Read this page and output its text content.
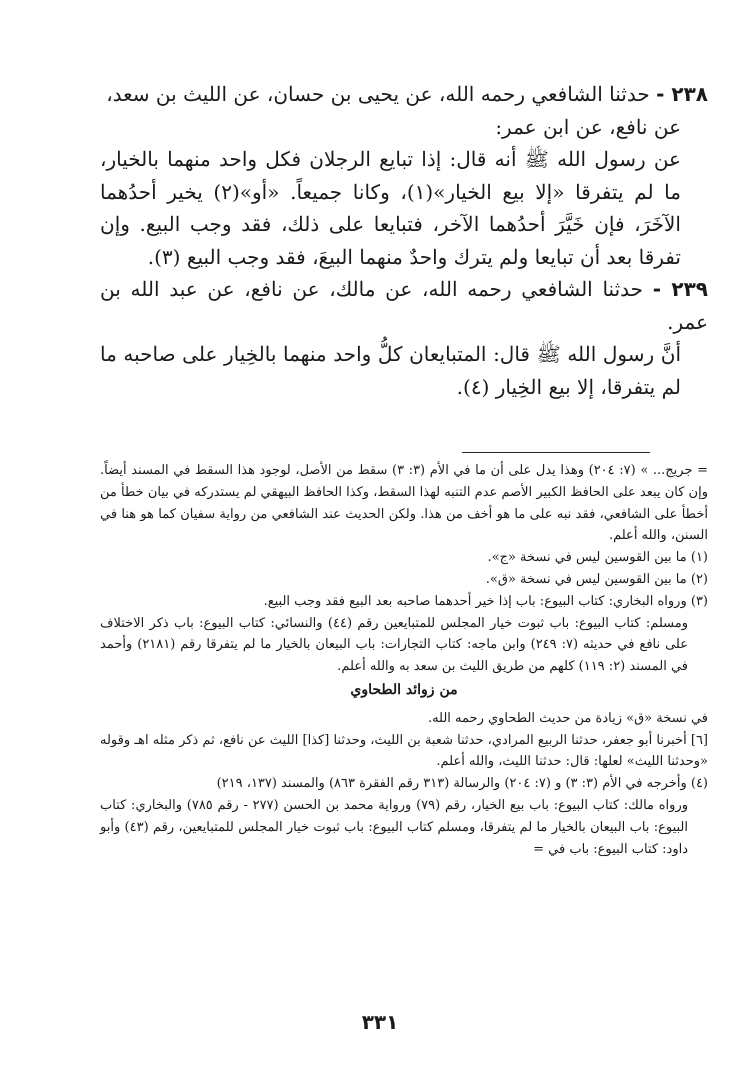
٢٣٨ - حدثنا الشافعي رحمه الله، عن يحيى بن حسان، عن الليث بن سعد،

عن نافع، عن ابن عمر:

عن رسول الله ﷺ أنه قال: إذا تبايع الرجلان فكل واحد منهما بالخيار، ما لم يتفرقا «إلا بيع الخيار»(١)، وكانا جميعاً. «أو»(٢) يخير أحدُهما الآخَرَ، فإن خَيَّرَ أحدُهما الآخر، فتبايعا على ذلك، فقد وجب البيع. وإن تفرقا بعد أن تبايعا ولم يترك واحدٌ منهما البيعَ، فقد وجب البيع (٣).

٢٣٩ - حدثنا الشافعي رحمه الله، عن مالك، عن نافع، عن عبد الله بن عمر.

أنَّ رسول الله ﷺ قال: المتبايعان كلُّ واحد منهما بالخِيار على صاحبه ما لم يتفرقا، إلا بيع الخِيار (٤).

= جريج... » (٧: ٢٠٤) وهذا يدل على أن ما في الأم (٣: ٣) سقط من الأصل، لوجود هذا السقط في المسند أيضاً. وإن كان يبعد على الحافظ الكبير الأصم عدم التنبه لهذا السقط، وكذا الحافظ البيهقي لم يستدركه في بيان خطأ من أخطأ على الشافعي، فقد نبه على ما هو أخف من هذا. ولكن الحديث عند الشافعي من رواية سفيان كما هو هنا في السنن، والله أعلم.

(١) ما بين القوسين ليس في نسخة «ج».

(٢) ما بين القوسين ليس في نسخة «ق».

(٣) ورواه البخاري: كتاب البيوع: باب إذا خير أحدهما صاحبه بعد البيع فقد وجب البيع.

ومسلم: كتاب البيوع: باب ثبوت خيار المجلس للمتبايعين رقم (٤٤) والنسائي: كتاب البيوع: باب ذكر الاختلاف على نافع في حديثه (٧: ٢٤٩) وابن ماجه: كتاب التجارات: باب البيعان بالخيار ما لم يتفرقا رقم (٢١٨١) وأحمد في المسند (٢: ١١٩) كلهم من طريق الليث بن سعد به والله أعلم.

من زوائد الطحاوي

في نسخة «ق» زيادة من حديث الطحاوي رحمه الله.

[٦] أخبرنا أبو جعفر، حدثنا الربيع المرادي، حدثنا شعبة بن الليث، وحدثنا [كذا] الليث عن نافع، ثم ذكر مثله اهـ وقوله «وحدثنا الليث» لعلها: قال: حدثنا الليث، والله أعلم.

(٤) وأخرجه في الأم (٣: ٣) و (٧: ٢٠٤) والرسالة (٣١٣ رقم الفقرة ٨٦٣) والمسند (١٣٧، ٢١٩)

ورواه مالك: كتاب البيوع: باب بيع الخيار، رقم (٧٩) ورواية محمد بن الحسن (٢٧٧ - رقم ٧٨٥) والبخاري: كتاب البيوع: باب البيعان بالخيار ما لم يتفرقا، ومسلم كتاب البيوع: باب ثبوت خيار المجلس للمتبايعين، رقم (٤٣) وأبو داود: كتاب البيوع: باب في =

٣٣١
